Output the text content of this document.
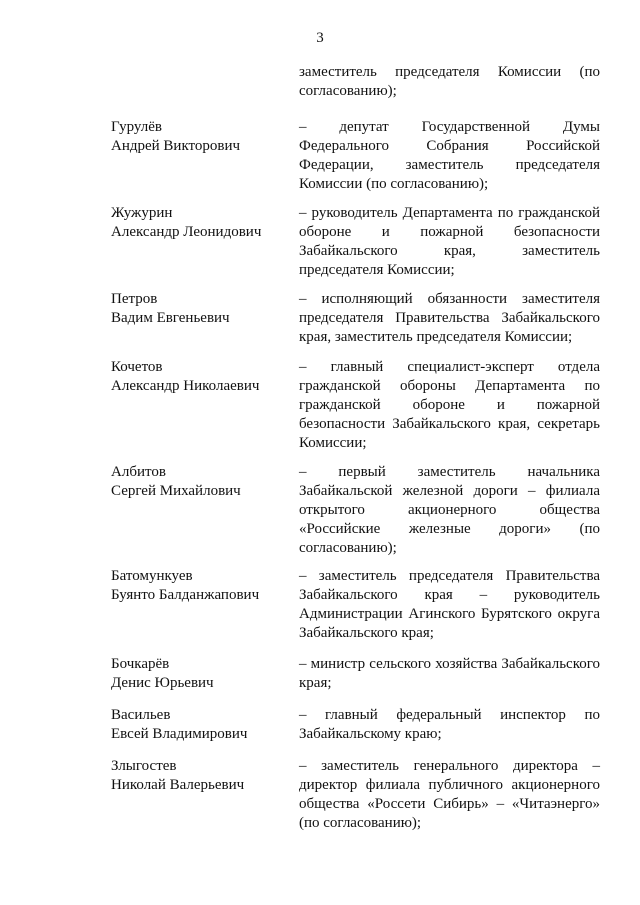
3
заместитель председателя Комиссии (по согласованию);
Гурулёв
Андрей Викторович
– депутат Государственной Думы Федерального Собрания Российской Федерации, заместитель председателя Комиссии (по согласованию);
Жужурин
Александр Леонидович
– руководитель Департамента по гражданской обороне и пожарной безопасности Забайкальского края, заместитель председателя Комиссии;
Петров
Вадим Евгеньевич
– исполняющий обязанности заместителя председателя Правительства Забайкальского края, заместитель председателя Комиссии;
Кочетов
Александр Николаевич
– главный специалист-эксперт отдела гражданской обороны Департамента по гражданской обороне и пожарной безопасности Забайкальского края, секретарь Комиссии;
Албитов
Сергей Михайлович
– первый заместитель начальника Забайкальской железной дороги – филиала открытого акционерного общества «Российские железные дороги» (по согласованию);
Батомункуев
Буянто Балданжапович
– заместитель председателя Правительства Забайкальского края – руководитель Администрации Агинского Бурятского округа Забайкальского края;
Бочкарёв
Денис Юрьевич
– министр сельского хозяйства Забайкальского края;
Васильев
Евсей Владимирович
– главный федеральный инспектор по Забайкальскому краю;
Злыгостев
Николай Валерьевич
– заместитель генерального директора – директор филиала публичного акционерного общества «Россети Сибирь» – «Читаэнерго» (по согласованию);
